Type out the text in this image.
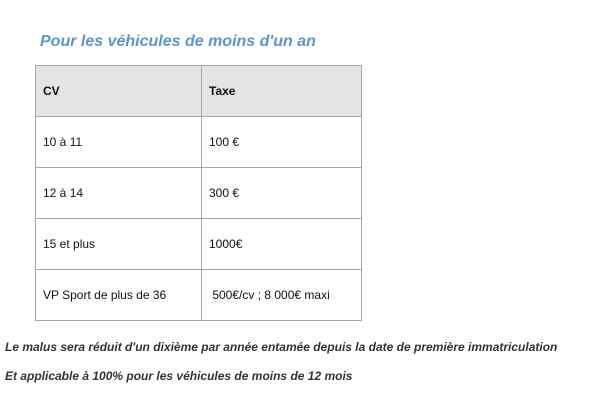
Pour les véhicules de moins d'un an
CV	Taxe
10 à 11	100 €
12 à 14	300 €
15 et plus	1000€
VP Sport de plus de 36	500€/cv ; 8 000€ maxi
Le malus sera réduit d'un dixième par année entamée depuis la date de première immatriculation
Et applicable à 100% pour les véhicules de moins de 12 mois
